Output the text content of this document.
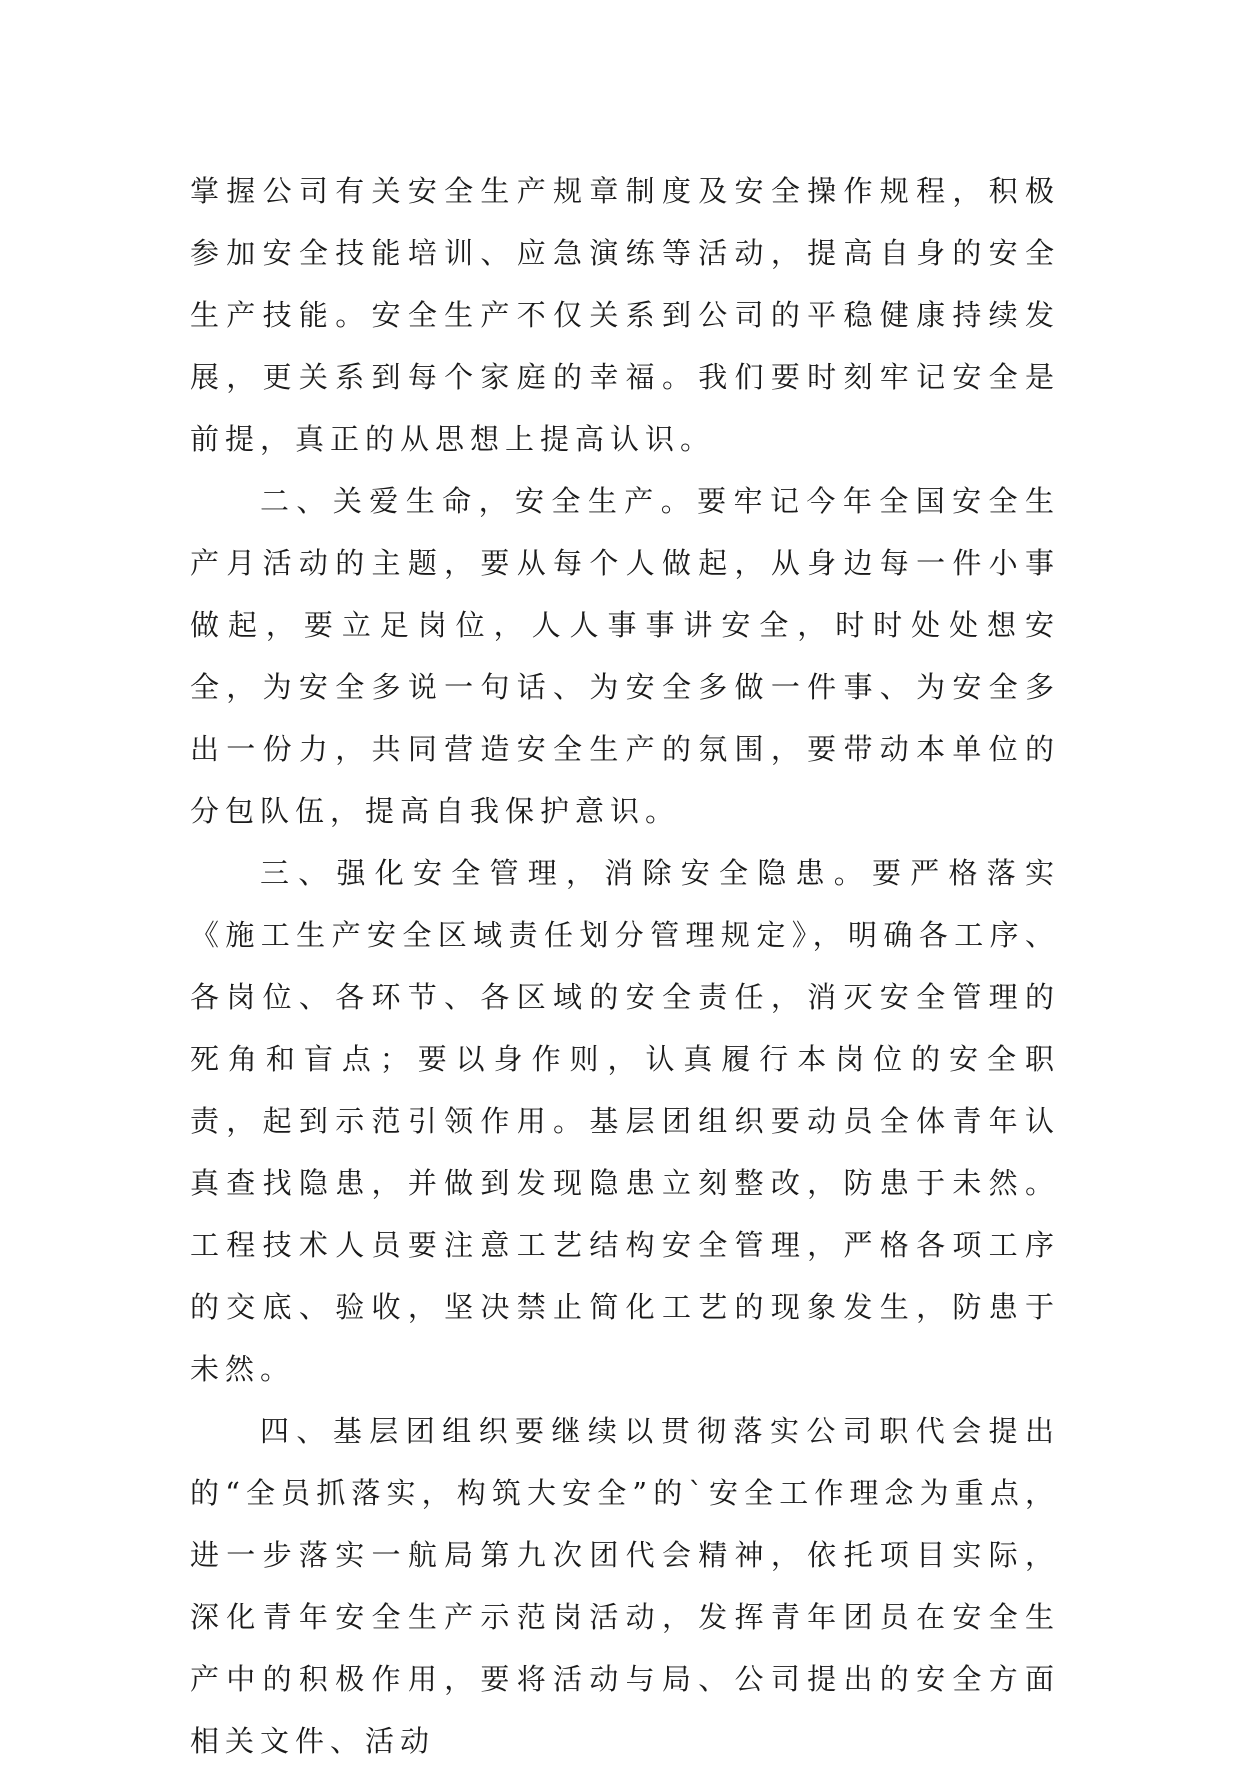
掌握公司有关安全生产规章制度及安全操作规程，积极参加安全技能培训、应急演练等活动，提高自身的安全生产技能。安全生产不仅关系到公司的平稳健康持续发展，更关系到每个家庭的幸福。我们要时刻牢记安全是前提，真正的从思想上提高认识。

二、关爱生命，安全生产。要牢记今年全国安全生产月活动的主题，要从每个人做起，从身边每一件小事做起，要立足岗位，人人事事讲安全，时时处处想安全，为安全多说一句话、为安全多做一件事、为安全多出一份力，共同营造安全生产的氛围，要带动本单位的分包队伍，提高自我保护意识。

三、强化安全管理，消除安全隐患。要严格落实《施工生产安全区域责任划分管理规定》，明确各工序、各岗位、各环节、各区域的安全责任，消灭安全管理的死角和盲点；要以身作则，认真履行本岗位的安全职责，起到示范引领作用。基层团组织要动员全体青年认真查找隐患，并做到发现隐患立刻整改，防患于未然。工程技术人员要注意工艺结构安全管理，严格各项工序的交底、验收，坚决禁止简化工艺的现象发生，防患于未然。

四、基层团组织要继续以贯彻落实公司职代会提出的“全员抓落实，构筑大安全”的`安全工作理念为重点，进一步落实一航局第九次团代会精神，依托项目实际，深化青年安全生产示范岗活动，发挥青年团员在安全生产中的积极作用，要将活动与局、公司提出的安全方面相关文件、活动
